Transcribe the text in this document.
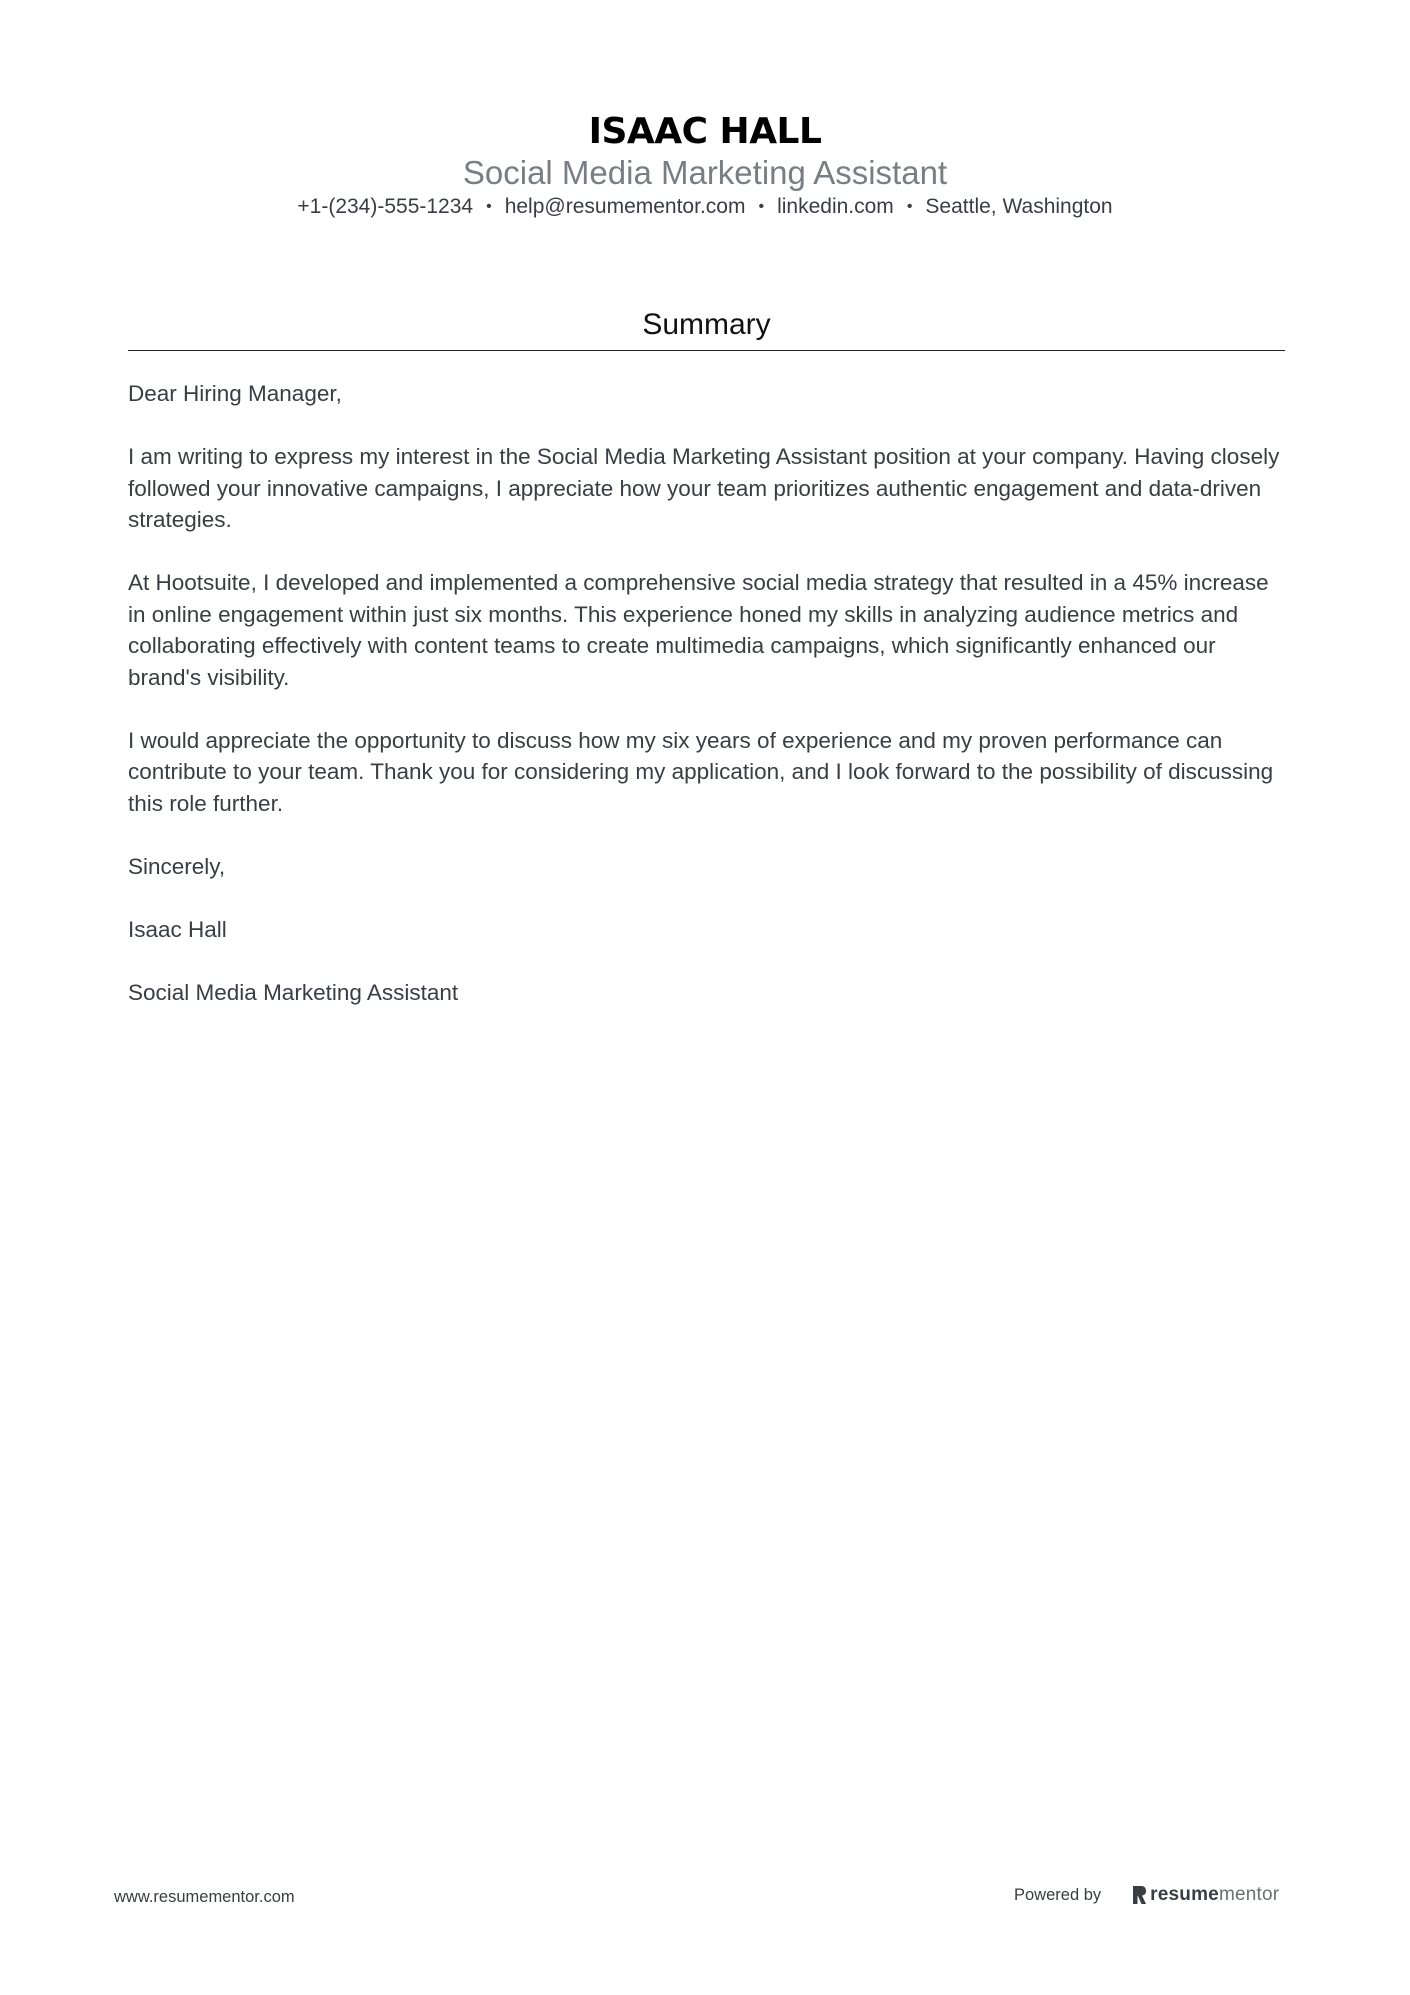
ISAAC HALL
Social Media Marketing Assistant
+1-(234)-555-1234 • help@resumementor.com • linkedin.com • Seattle, Washington
Summary

Dear Hiring Manager,

I am writing to express my interest in the Social Media Marketing Assistant position at your company. Having closely followed your innovative campaigns, I appreciate how your team prioritizes authentic engagement and data-driven strategies.

At Hootsuite, I developed and implemented a comprehensive social media strategy that resulted in a 45% increase in online engagement within just six months. This experience honed my skills in analyzing audience metrics and collaborating effectively with content teams to create multimedia campaigns, which significantly enhanced our brand's visibility.

I would appreciate the opportunity to discuss how my six years of experience and my proven performance can contribute to your team. Thank you for considering my application, and I look forward to the possibility of discussing this role further.

Sincerely,

Isaac Hall

Social Media Marketing Assistant

www.resumementor.com	Powered by	resume mentor
